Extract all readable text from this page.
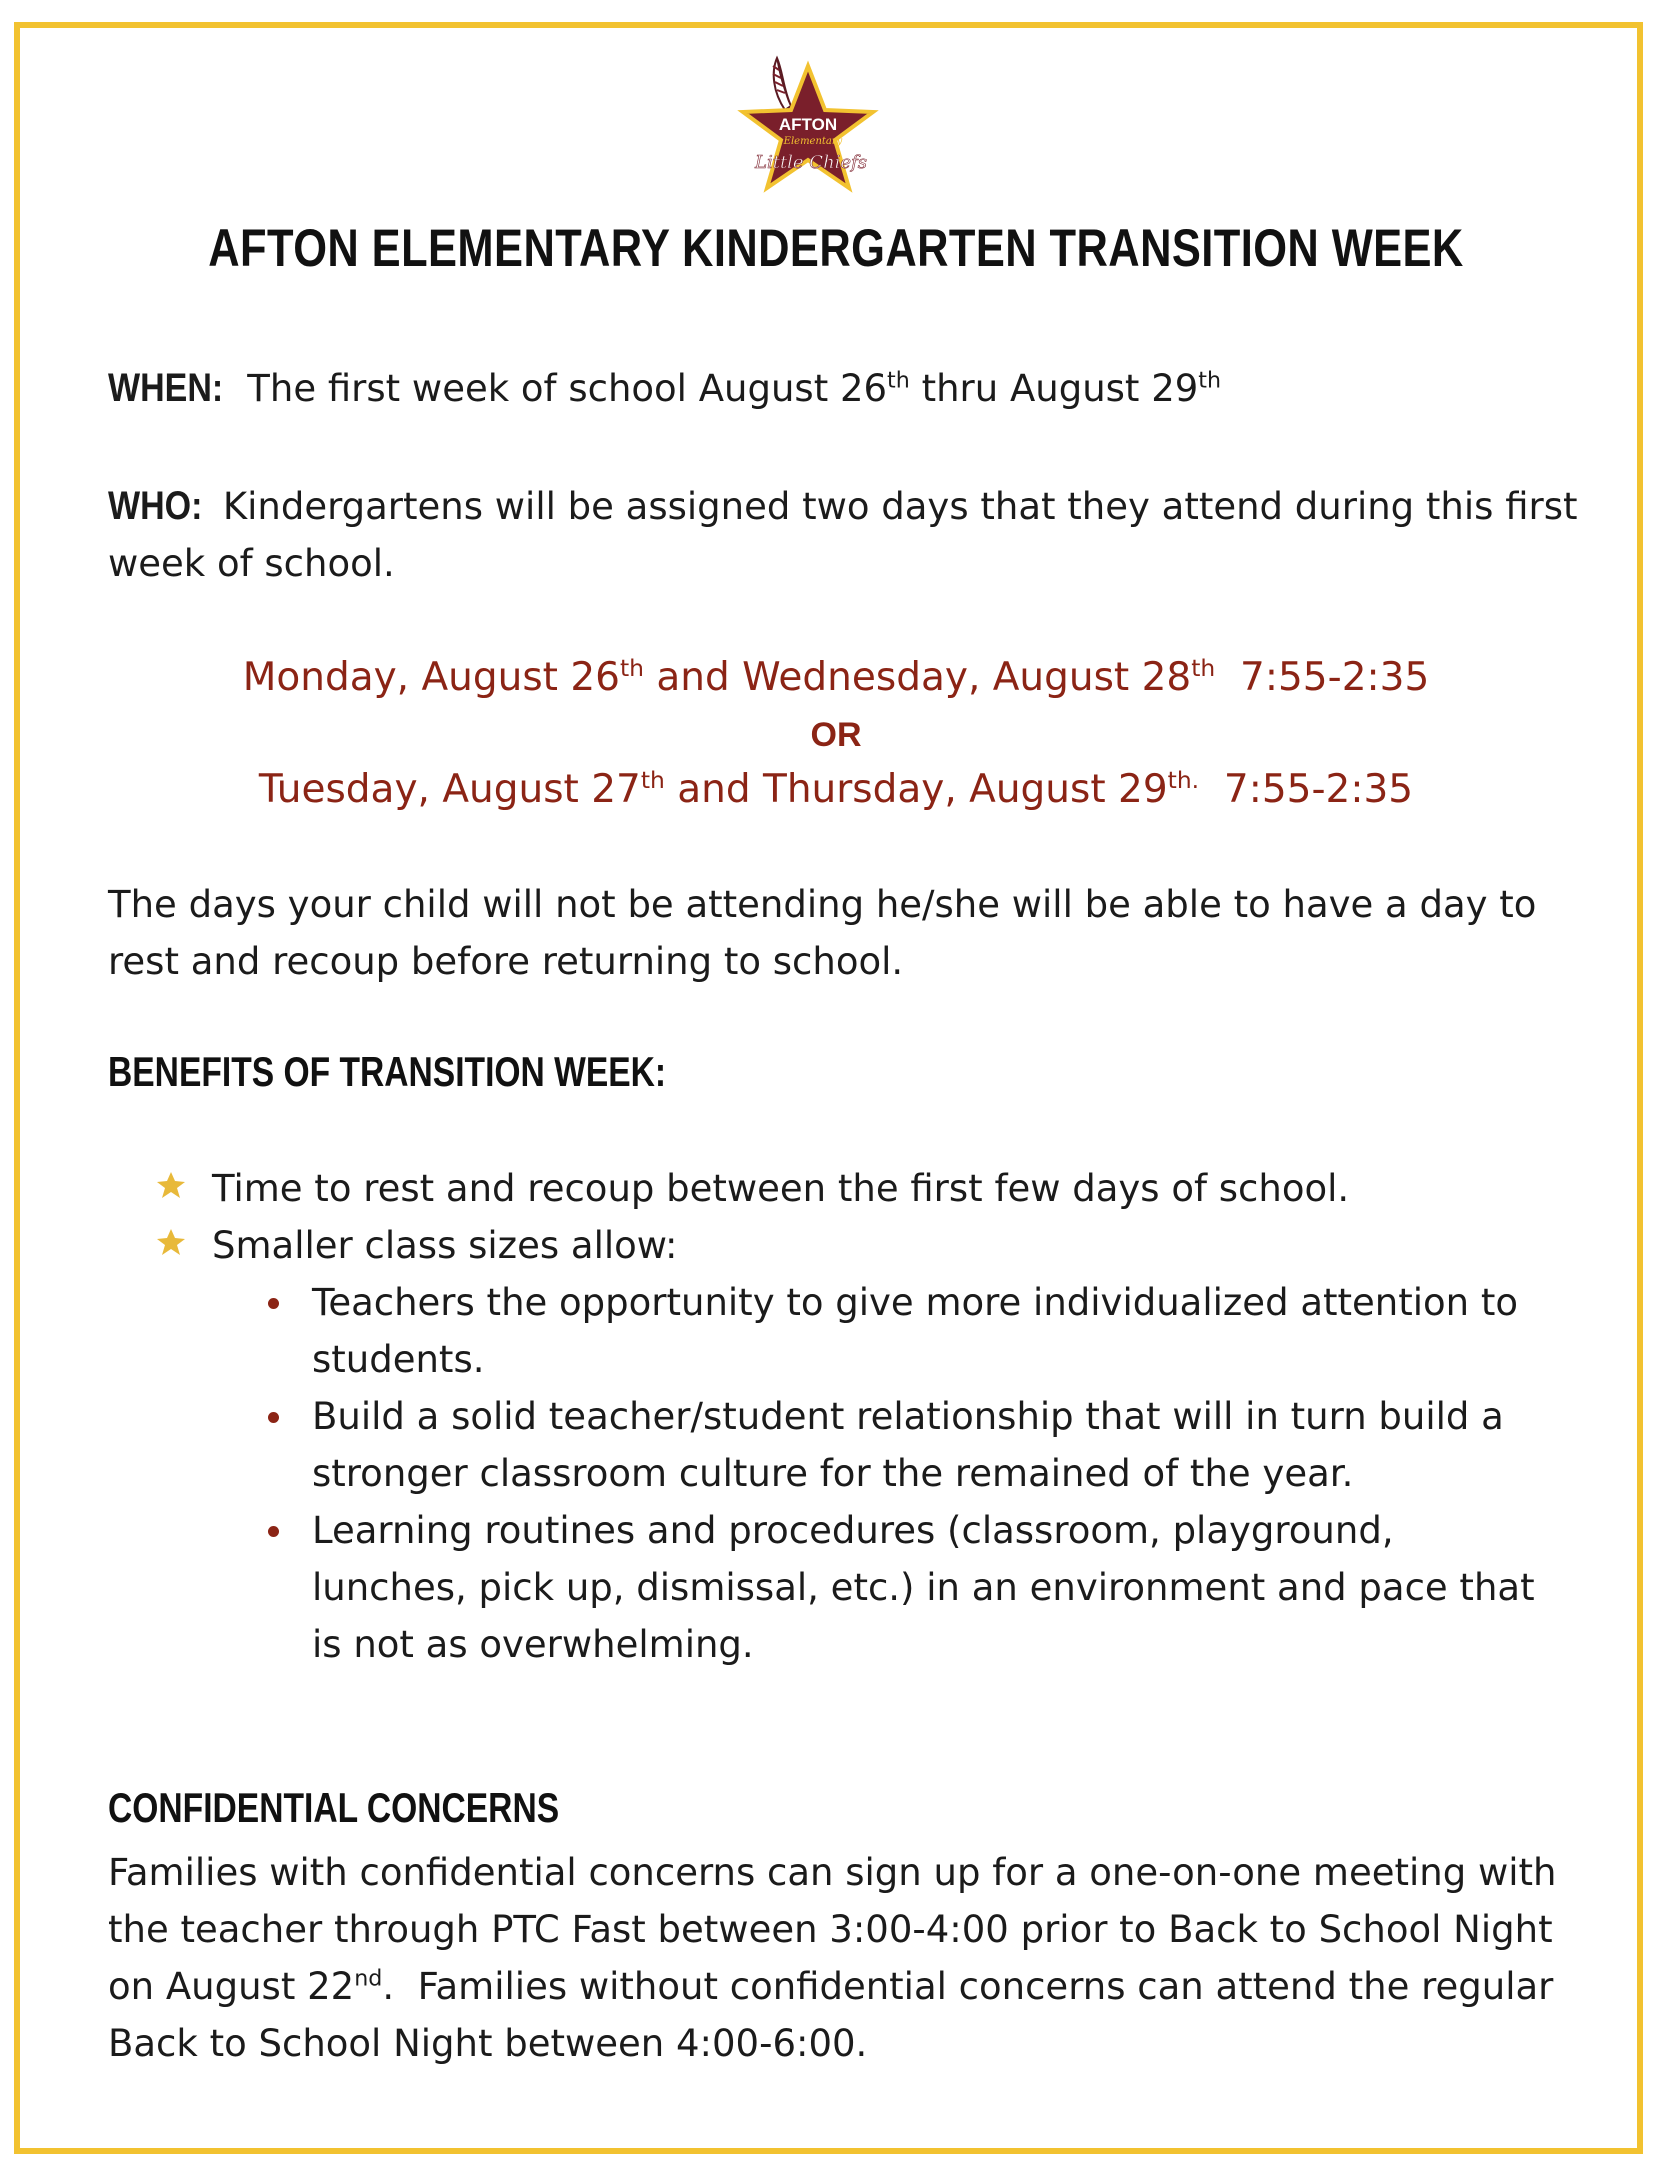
AFTON
Elementary
Little Chiefs
AFTON ELEMENTARY KINDERGARTEN TRANSITION WEEK
WHEN: The first week of school August 26th thru August 29th
WHO: Kindergartens will be assigned two days that they attend during this first week of school.
Monday, August 26th and Wednesday, August 28th  7:55-2:35
OR
Tuesday, August 27th and Thursday, August $29^{th.}$  7:55-2:35
The days your child will not be attending he/she will be able to have a day to rest and recoup before returning to school.
BENEFITS OF TRANSITION WEEK:
Time to rest and recoup between the first few days of school.
Smaller class sizes allow:
Teachers the opportunity to give more individualized attention to students.
Build a solid teacher/student relationship that will in turn build a stronger classroom culture for the remained of the year.
Learning routines and procedures (classroom, playground, lunches, pick up, dismissal, etc.) in an environment and pace that is not as overwhelming.
CONFIDENTIAL CONCERNS
Families with confidential concerns can sign up for a one-on-one meeting with the teacher through PTC Fast between 3:00-4:00 prior to Back to School Night on August 22nd.  Families without confidential concerns can attend the regular Back to School Night between 4:00-6:00.
